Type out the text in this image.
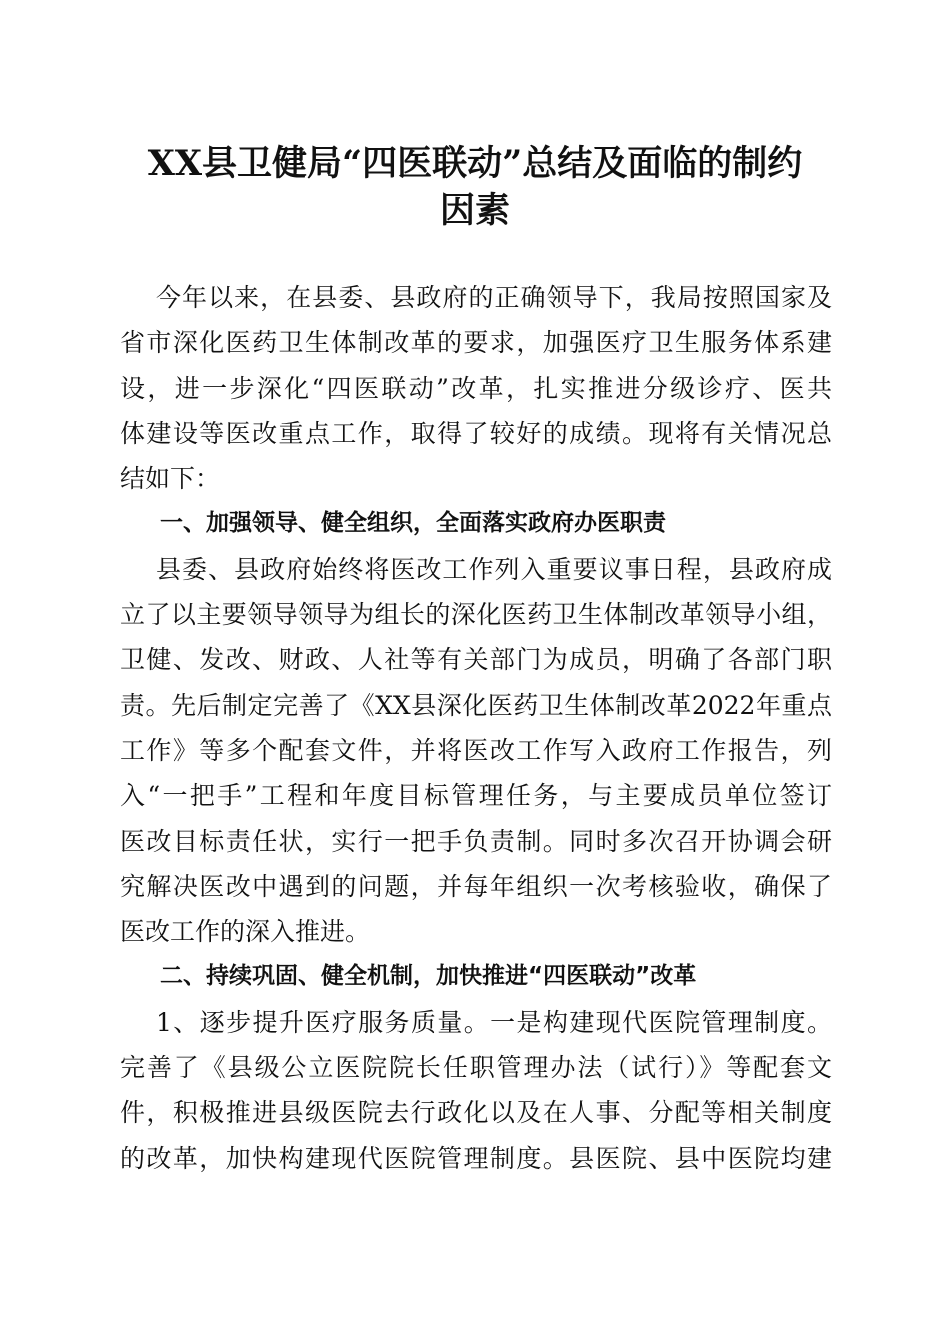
XX县卫健局“四医联动”总结及面临的制约
因素
今年以来，在县委、县政府的正确领导下，我局按照国家及
省市深化医药卫生体制改革的要求，加强医疗卫生服务体系建
设，进一步深化“四医联动”改革，扎实推进分级诊疗、医共
体建设等医改重点工作，取得了较好的成绩。现将有关情况总
结如下：
一、加强领导、健全组织，全面落实政府办医职责
县委、县政府始终将医改工作列入重要议事日程，县政府成
立了以主要领导领导为组长的深化医药卫生体制改革领导小组，
卫健、发改、财政、人社等有关部门为成员，明确了各部门职
责。先后制定完善了《XX县深化医药卫生体制改革2022年重点
工作》等多个配套文件，并将医改工作写入政府工作报告，列
入“一把手”工程和年度目标管理任务，与主要成员单位签订
医改目标责任状，实行一把手负责制。同时多次召开协调会研
究解决医改中遇到的问题，并每年组织一次考核验收，确保了
医改工作的深入推进。
二、持续巩固、健全机制，加快推进“四医联动”改革
1、逐步提升医疗服务质量。一是构建现代医院管理制度。
完善了《县级公立医院院长任职管理办法（试行）》等配套文
件，积极推进县级医院去行政化以及在人事、分配等相关制度
的改革，加快构建现代医院管理制度。县医院、县中医院均建
